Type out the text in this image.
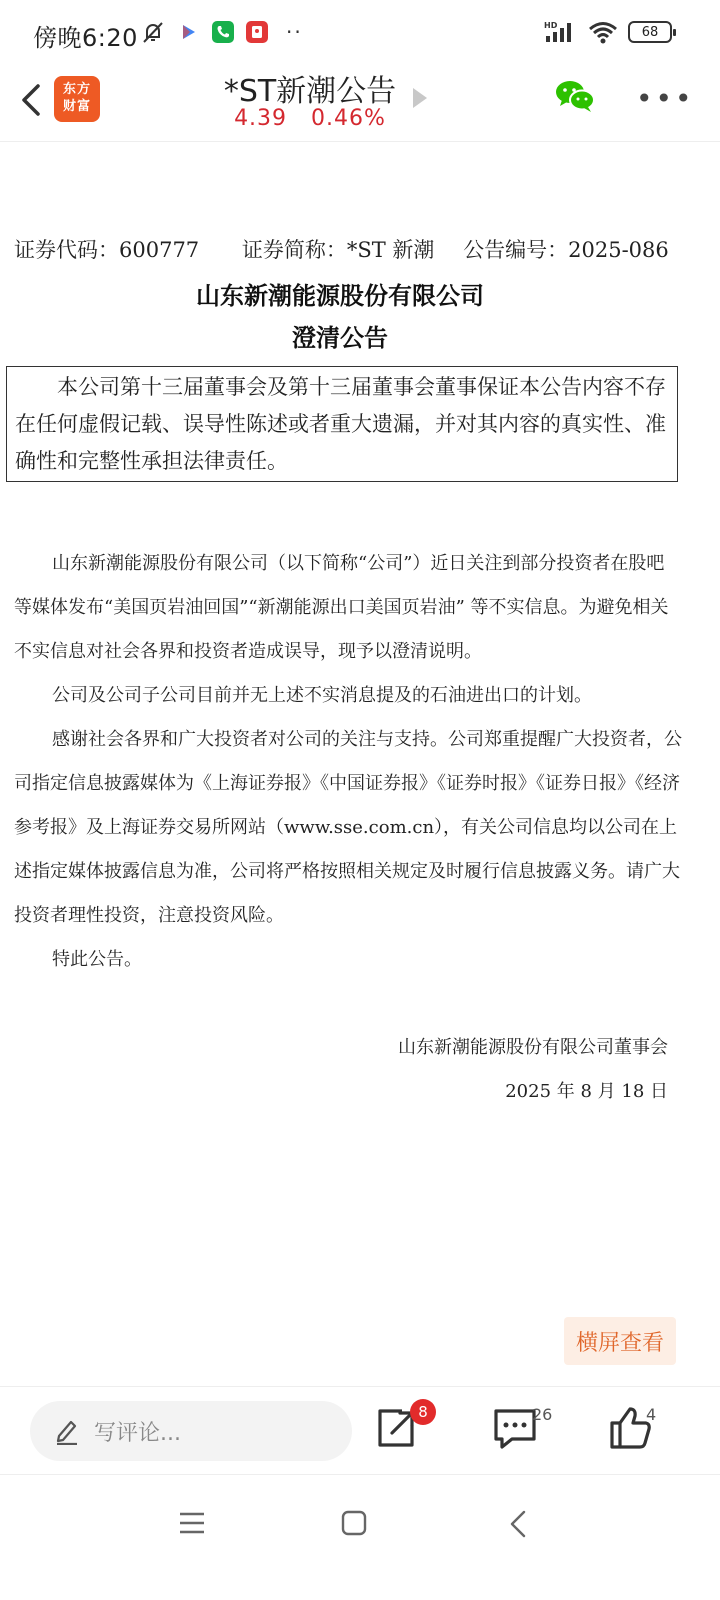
傍晚6:20	··	HD	68
东方
财富	*ST新潮公告
4.39 0.46%
•••
证券代码：600777 证券简称：*ST 新潮 公告编号：2025-086
山东新潮能源股份有限公司
澄清公告
本公司第十三届董事会及第十三届董事会董事保证本公告内容不存在任何虚假记载、误导性陈述或者重大遗漏，并对其内容的真实性、准确性和完整性承担法律责任。

山东新潮能源股份有限公司（以下简称“公司”）近日关注到部分投资者在股吧等媒体发布“美国页岩油回国”“新潮能源出口美国页岩油” 等不实信息。为避免相关不实信息对社会各界和投资者造成误导，现予以澄清说明。

公司及公司子公司目前并无上述不实消息提及的石油进出口的计划。

感谢社会各界和广大投资者对公司的关注与支持。公司郑重提醒广大投资者，公司指定信息披露媒体为《上海证券报》《中国证券报》《证券时报》《证券日报》《经济参考报》及上海证券交易所网站（www.sse.com.cn），有关公司信息均以公司在上述指定媒体披露信息为准，公司将严格按照相关规定及时履行信息披露义务。请广大投资者理性投资，注意投资风险。

特此公告。

山东新潮能源股份有限公司董事会
2025 年 8 月 18 日
横屏查看
写评论...
8	26	4
